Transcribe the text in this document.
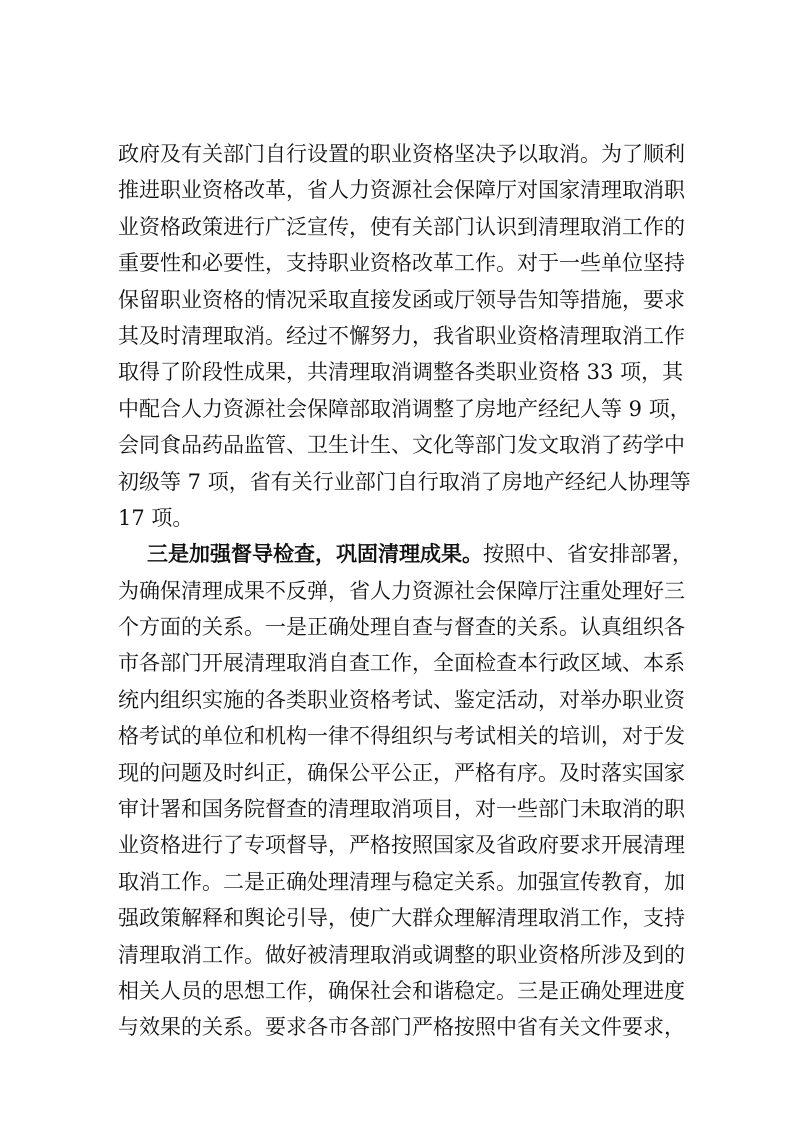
政府及有关部门自行设置的职业资格坚决予以取消。为了顺利
推进职业资格改革，省人力资源社会保障厅对国家清理取消职
业资格政策进行广泛宣传，使有关部门认识到清理取消工作的
重要性和必要性，支持职业资格改革工作。对于一些单位坚持
保留职业资格的情况采取直接发函或厅领导告知等措施，要求
其及时清理取消。经过不懈努力，我省职业资格清理取消工作
取得了阶段性成果，共清理取消调整各类职业资格 33 项，其
中配合人力资源社会保障部取消调整了房地产经纪人等 9 项，
会同食品药品监管、卫生计生、文化等部门发文取消了药学中
初级等 7 项，省有关行业部门自行取消了房地产经纪人协理等
17 项。
三是加强督导检查，巩固清理成果。按照中、省安排部署，
为确保清理成果不反弹，省人力资源社会保障厅注重处理好三
个方面的关系。一是正确处理自查与督查的关系。认真组织各
市各部门开展清理取消自查工作，全面检查本行政区域、本系
统内组织实施的各类职业资格考试、鉴定活动，对举办职业资
格考试的单位和机构一律不得组织与考试相关的培训，对于发
现的问题及时纠正，确保公平公正，严格有序。及时落实国家
审计署和国务院督查的清理取消项目，对一些部门未取消的职
业资格进行了专项督导，严格按照国家及省政府要求开展清理
取消工作。二是正确处理清理与稳定关系。加强宣传教育，加
强政策解释和舆论引导，使广大群众理解清理取消工作，支持
清理取消工作。做好被清理取消或调整的职业资格所涉及到的
相关人员的思想工作，确保社会和谐稳定。三是正确处理进度
与效果的关系。要求各市各部门严格按照中省有关文件要求，
